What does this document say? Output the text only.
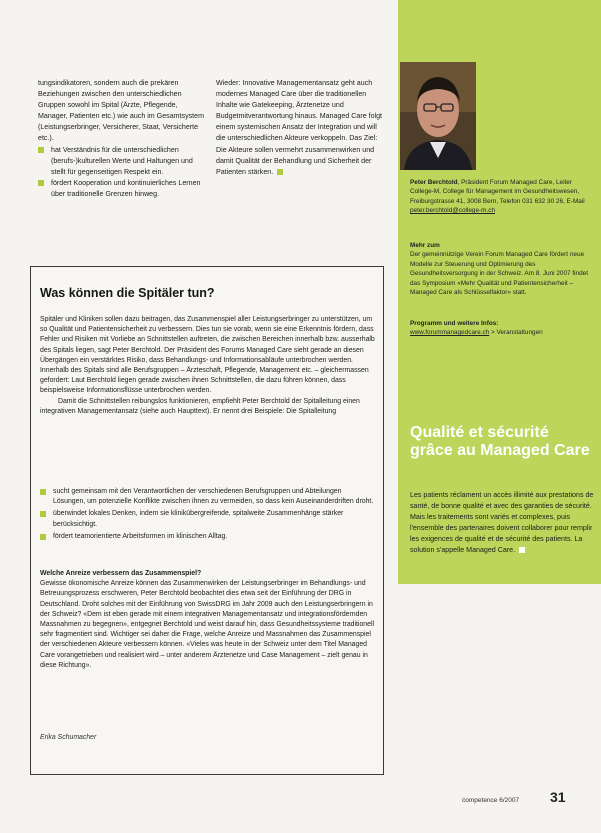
tungsindikatoren, sondern auch die prekären Beziehungen zwischen den unterschiedlichen Gruppen sowohl im Spital (Ärzte, Pflegende, Manager, Patienten etc.) wie auch im Gesamtsystem (Leistungserbringer, Versicherer, Staat, Versicherte etc.).

hat Verständnis für die unterschiedlichen (berufs-)kulturellen Werte und Haltungen und stellt für gegenseitigen Respekt ein.
fördert Kooperation und kontinuierliches Lernen über traditionelle Grenzen hinweg.

Wieder: Innovative Managementansatz geht auch modernes Managed Care über die traditionellen Inhalte wie Gatekeeping, Ärztenetze und Budgetmitverantwortung hinaus. Managed Care folgt einem systemischen Ansatz der Integration und will die unterschiedlichen Akteure verkoppeln. Das Ziel: Die Akteure sollen vermehrt zusammenwirken und damit Qualität der Behandlung und Sicherheit der Patienten stärken.

Peter Berchtold, Präsident Forum Managed Care, Leiter College-M, College für Management im Gesundheitswesen, Freiburgstrasse 41, 3008 Bern, Telefon 031 632 30 26, E-Mail peter.berchtold@college-m.ch

Mehr zum

Der gemeinnützige Verein Forum Managed Care fördert neue Modelle zur Steuerung und Optimierung des Gesundheitsversorgung in der Schweiz. Am 8. Juni 2007 findet das Symposium «Mehr Qualität und Patientensicherheit – Managed Care als Schlüsselfaktor» statt.

Programm und weitere Infos:

www.forummanagedcare.ch > Veranstaltungen

Qualité et sécurité grâce au Managed Care
Les patients réclament un accès illimité aux prestations de santé, de bonne qualité et avec des garanties de sécurité. Mais les traitements sont variés et complexes, puis l'ensemble des partenaires doivent collaborer pour remplir les exigences de qualité et de sécurité des patients. La solution s'appelle Managed Care.
Was können die Spitäler tun?

Spitäler und Kliniken sollen dazu beitragen, das Zusammenspiel aller Leistungserbringer zu unterstützen, um so Qualität und Patientensicherheit zu verbessern. Dies tun sie vorab, wenn sie eine Erkenntnis fördern, dass Fehler und Risiken mit Vorliebe an Schnittstellen auftreten, die zwischen Bereichen innerhalb bzw. ausserhalb des Spitals liegen, sagt Peter Berchtold. Der Präsident des Forums Managed Care sieht gerade an diesen Übergängen ein verstärktes Risiko, dass Behandlungs- und Informationsabläufe unterbrochen werden. Innerhalb des Spitals sind alle Berufsgruppen – Ärzteschaft, Pflegende, Management etc. – gleichermassen gefordert: Laut Berchtold liegen gerade zwischen ihnen Schnittstellen, die dazu führen können, dass beispielsweise Informationsflüsse unterbrochen werden.

Damit die Schnittstellen reibungslos funktionieren, empfiehlt Peter Berchtold der Spitalleitung einen integrativen Managementansatz (siehe auch Haupttext). Er nennt drei Beispiele: Die Spitalleitung

sucht gemeinsam mit den Verantwortlichen der verschiedenen Berufsgruppen und Abteilungen Lösungen, um potenzielle Konflikte zwischen ihnen zu vermeiden, so dass kein Auseinanderdriften droht.
überwindet lokales Denken, indem sie klinikübergreifende, spitalweite Zusammenhänge stärker berücksichtigt.
fördert teamorientierte Arbeitsformen im klinischen Alltag.
Welche Anreize verbessern das Zusammenspiel?

Gewisse ökonomische Anreize können das Zusammenwirken der Leistungserbringer im Behandlungs- und Betreuungsprozess erschweren, Peter Berchtold beobachtet dies etwa seit der Einführung der DRG in Deutschland. Droht solches mit der Einführung von SwissDRG im Jahr 2009 auch den Leistungserbringern in der Schweiz? «Dem ist eben gerade mit einem integrativen Managementansatz und integrationsfördernden Massnahmen zu begegnen», entgegnet Berchtold und weist darauf hin, dass Gesundheitssysteme traditionell sehr fragmentiert sind. Wichtiger sei daher die Frage, welche Anreize und Massnahmen das Zusammenspiel der verschiedenen Akteure verbessern können. «Vieles was heute in der Schweiz unter dem Titel Managed Care vorangetrieben und realisiert wird – unter anderem Ärztenetze und Case Management – zielt genau in diese Richtung».

Erika Schumacher
competence 6/2007 31
